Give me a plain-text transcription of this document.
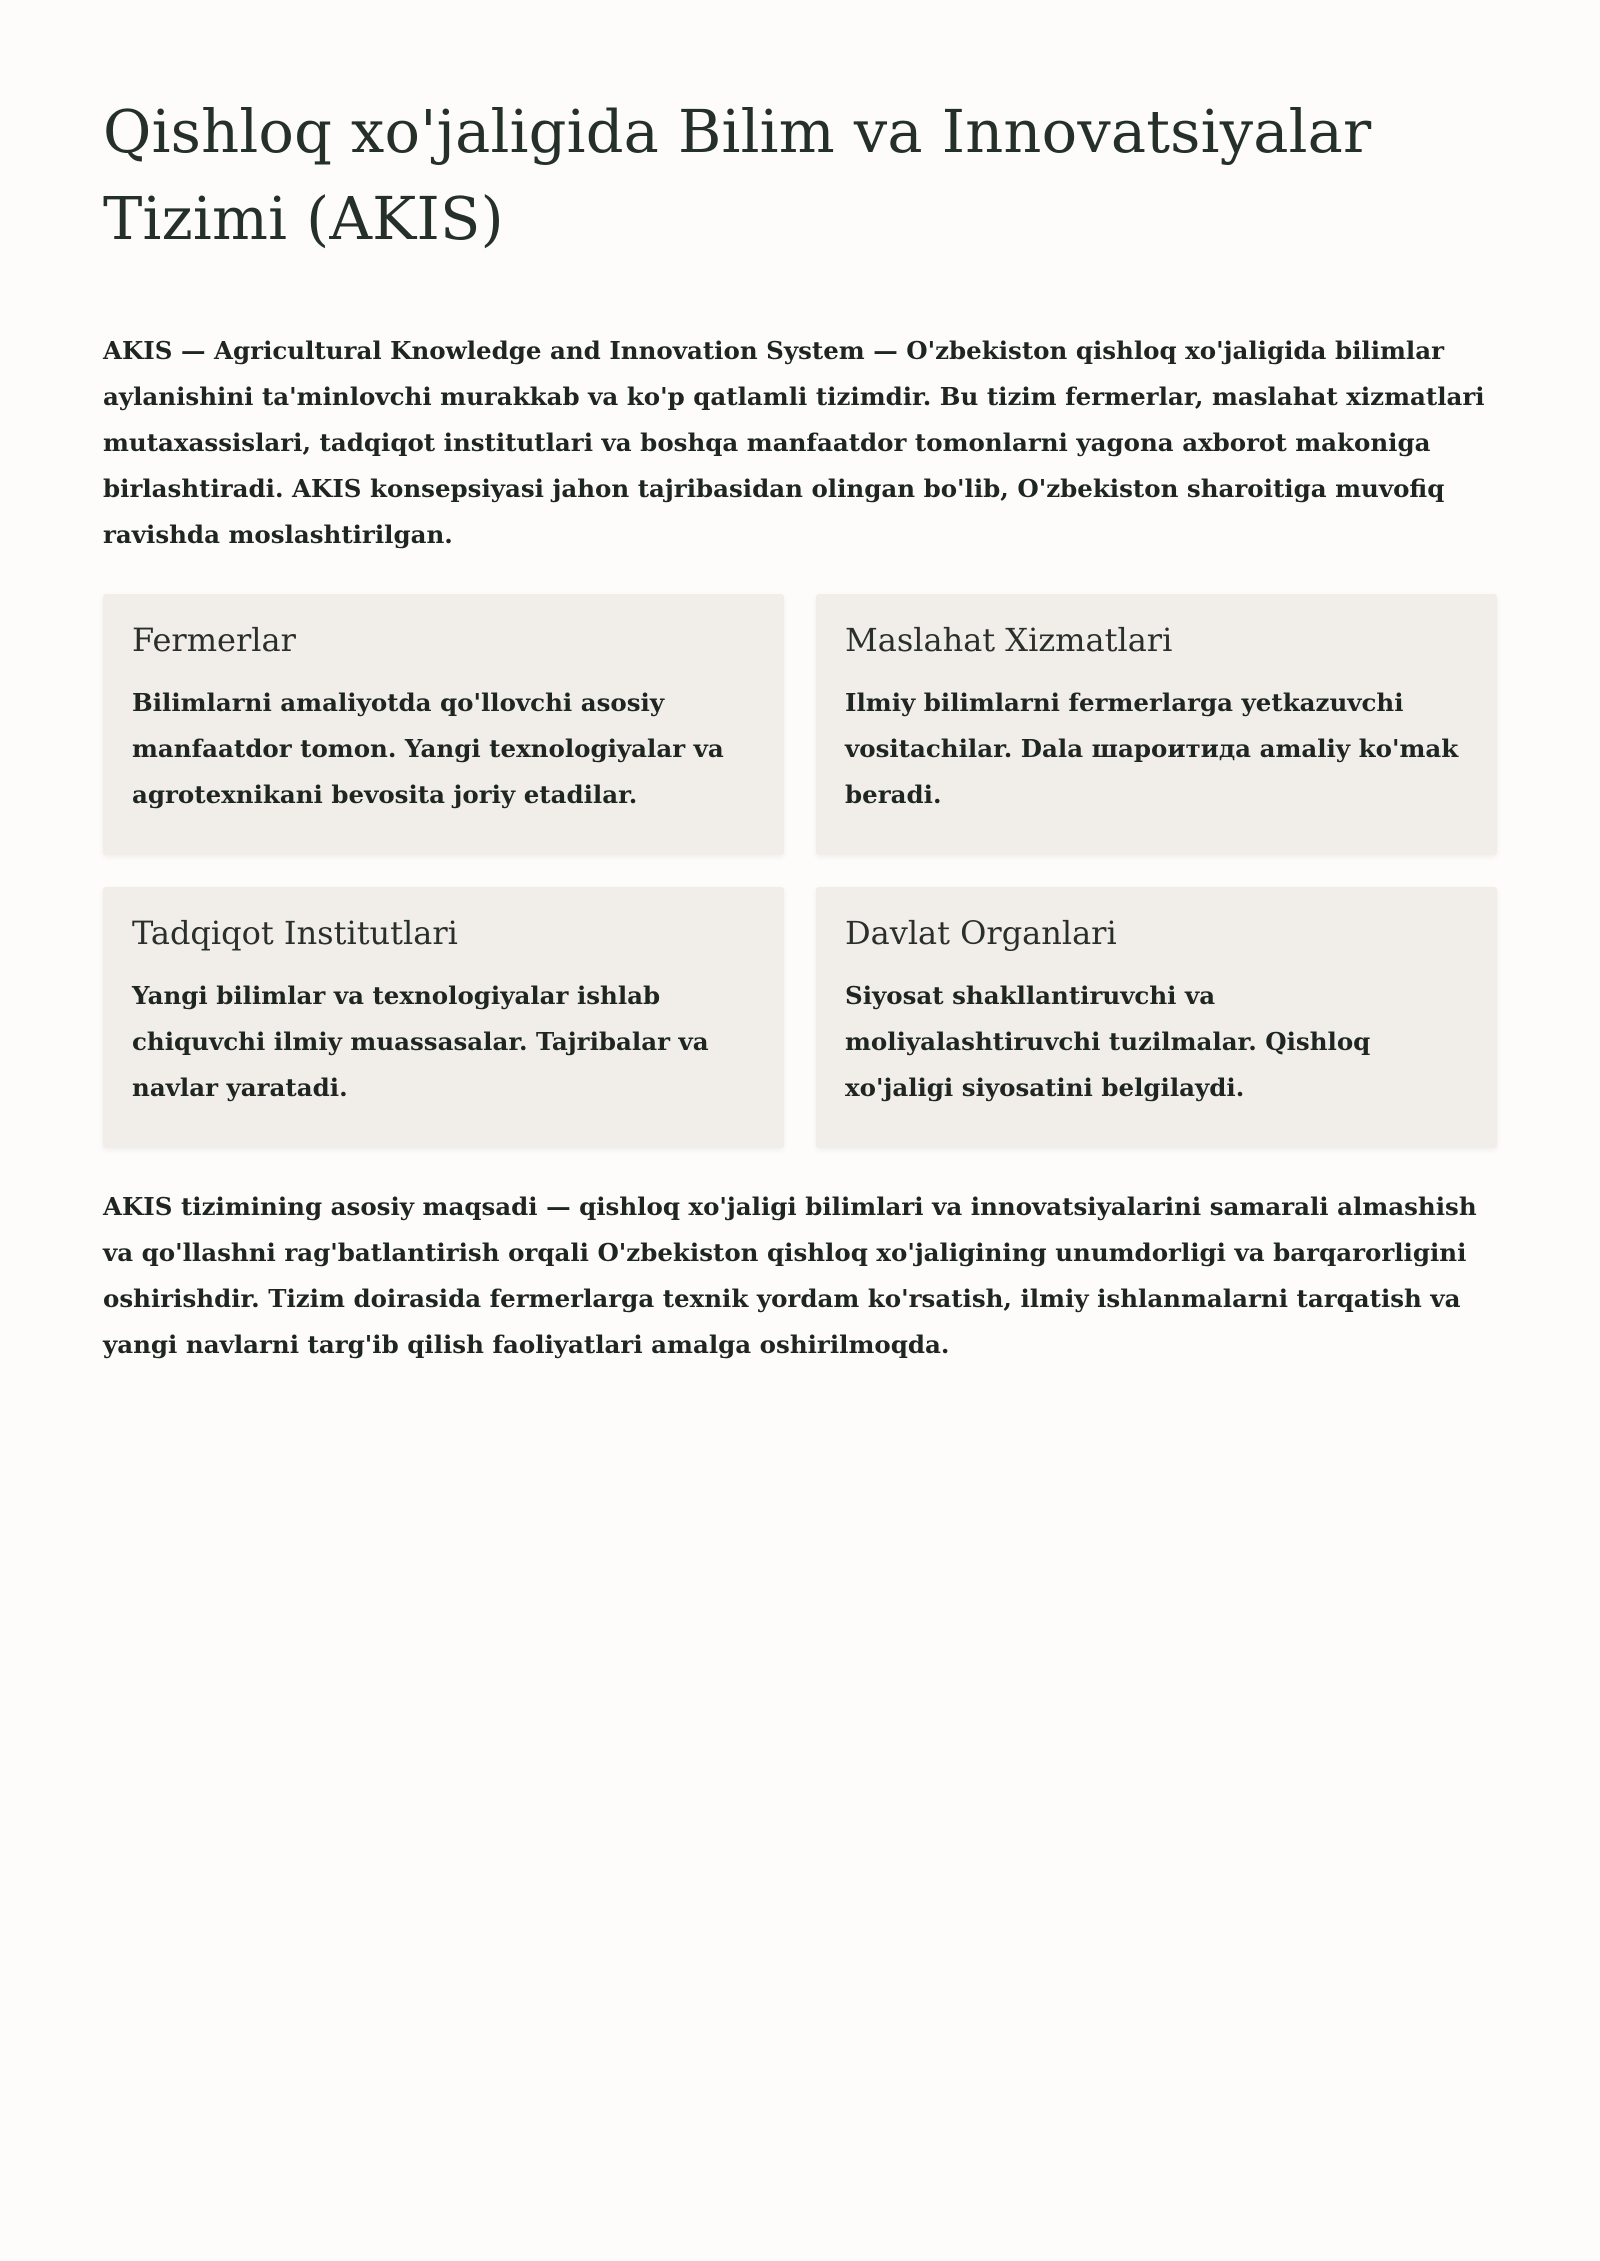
Qishloq xo'jaligida Bilim va Innovatsiyalar Tizimi (AKIS)

AKIS — Agricultural Knowledge and Innovation System — O'zbekiston qishloq xo'jaligida bilimlar aylanishini ta'minlovchi murakkab va ko'p qatlamli tizimdir. Bu tizim fermerlar, maslahat xizmatlari mutaxassislari, tadqiqot institutlari va boshqa manfaatdor tomonlarni yagona axborot makoniga birlashtiradi. AKIS konsepsiyasi jahon tajribasidan olingan bo'lib, O'zbekiston sharoitiga muvofiq ravishda moslashtirilgan.

Fermerlar

Bilimlarni amaliyotda qo'llovchi asosiy manfaatdor tomon. Yangi texnologiyalar va agrotexnikani bevosita joriy etadilar.

Maslahat Xizmatlari

Ilmiy bilimlarni fermerlarga yetkazuvchi vositachilar. Dala шароитида amaliy ko'mak beradi.

Tadqiqot Institutlari

Yangi bilimlar va texnologiyalar ishlab chiquvchi ilmiy muassasalar. Tajribalar va navlar yaratadi.

Davlat Organlari

Siyosat shakllantiruvchi va moliyalashtiruvchi tuzilmalar. Qishloq xo'jaligi siyosatini belgilaydi.

AKIS tizimining asosiy maqsadi — qishloq xo'jaligi bilimlari va innovatsiyalarini samarali almashish va qo'llashni rag'batlantirish orqali O'zbekiston qishloq xo'jaligining unumdorligi va barqarorligini oshirishdir. Tizim doirasida fermerlarga texnik yordam ko'rsatish, ilmiy ishlanmalarni tarqatish va yangi navlarni targ'ib qilish faoliyatlari amalga oshirilmoqda.
